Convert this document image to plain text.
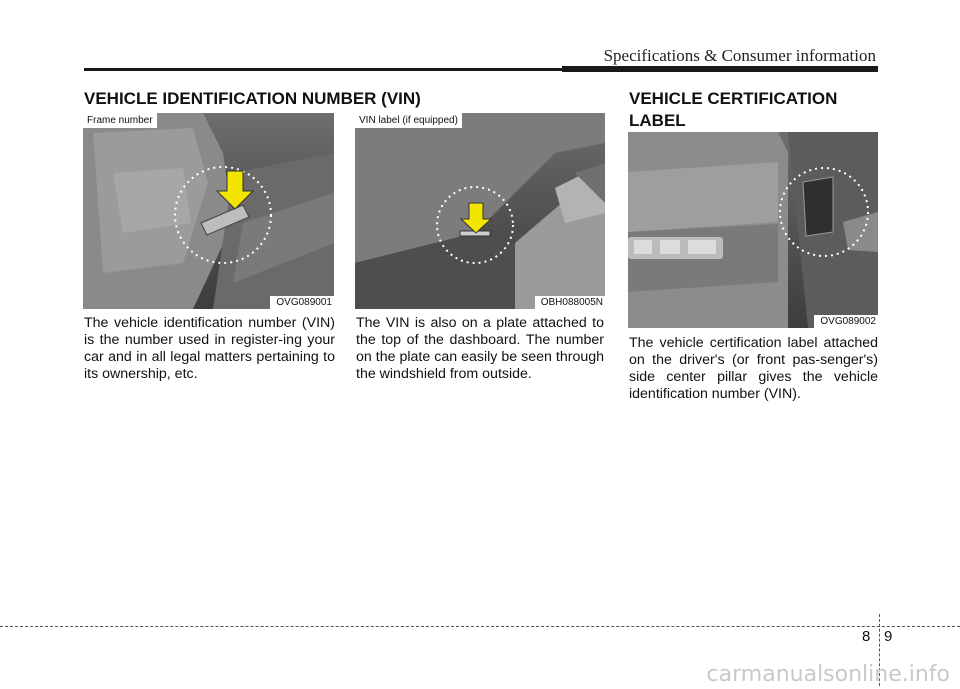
Specifications & Consumer information
VEHICLE IDENTIFICATION NUMBER (VIN)	VEHICLE CERTIFICATION LABEL
Frame number
OVG089001
VIN label (if equipped)
OBH088005N
OVG089002
The vehicle identification number (VIN) is the number used in register-ing your car and in all legal matters pertaining to its ownership, etc.
The VIN is also on a plate attached to the top of the dashboard. The number on the plate can easily be seen through the windshield from outside.
The vehicle certification label attached on the driver's (or front pas-senger's) side center pillar gives the vehicle identification number (VIN).
8 9
carmanualsonline.info
